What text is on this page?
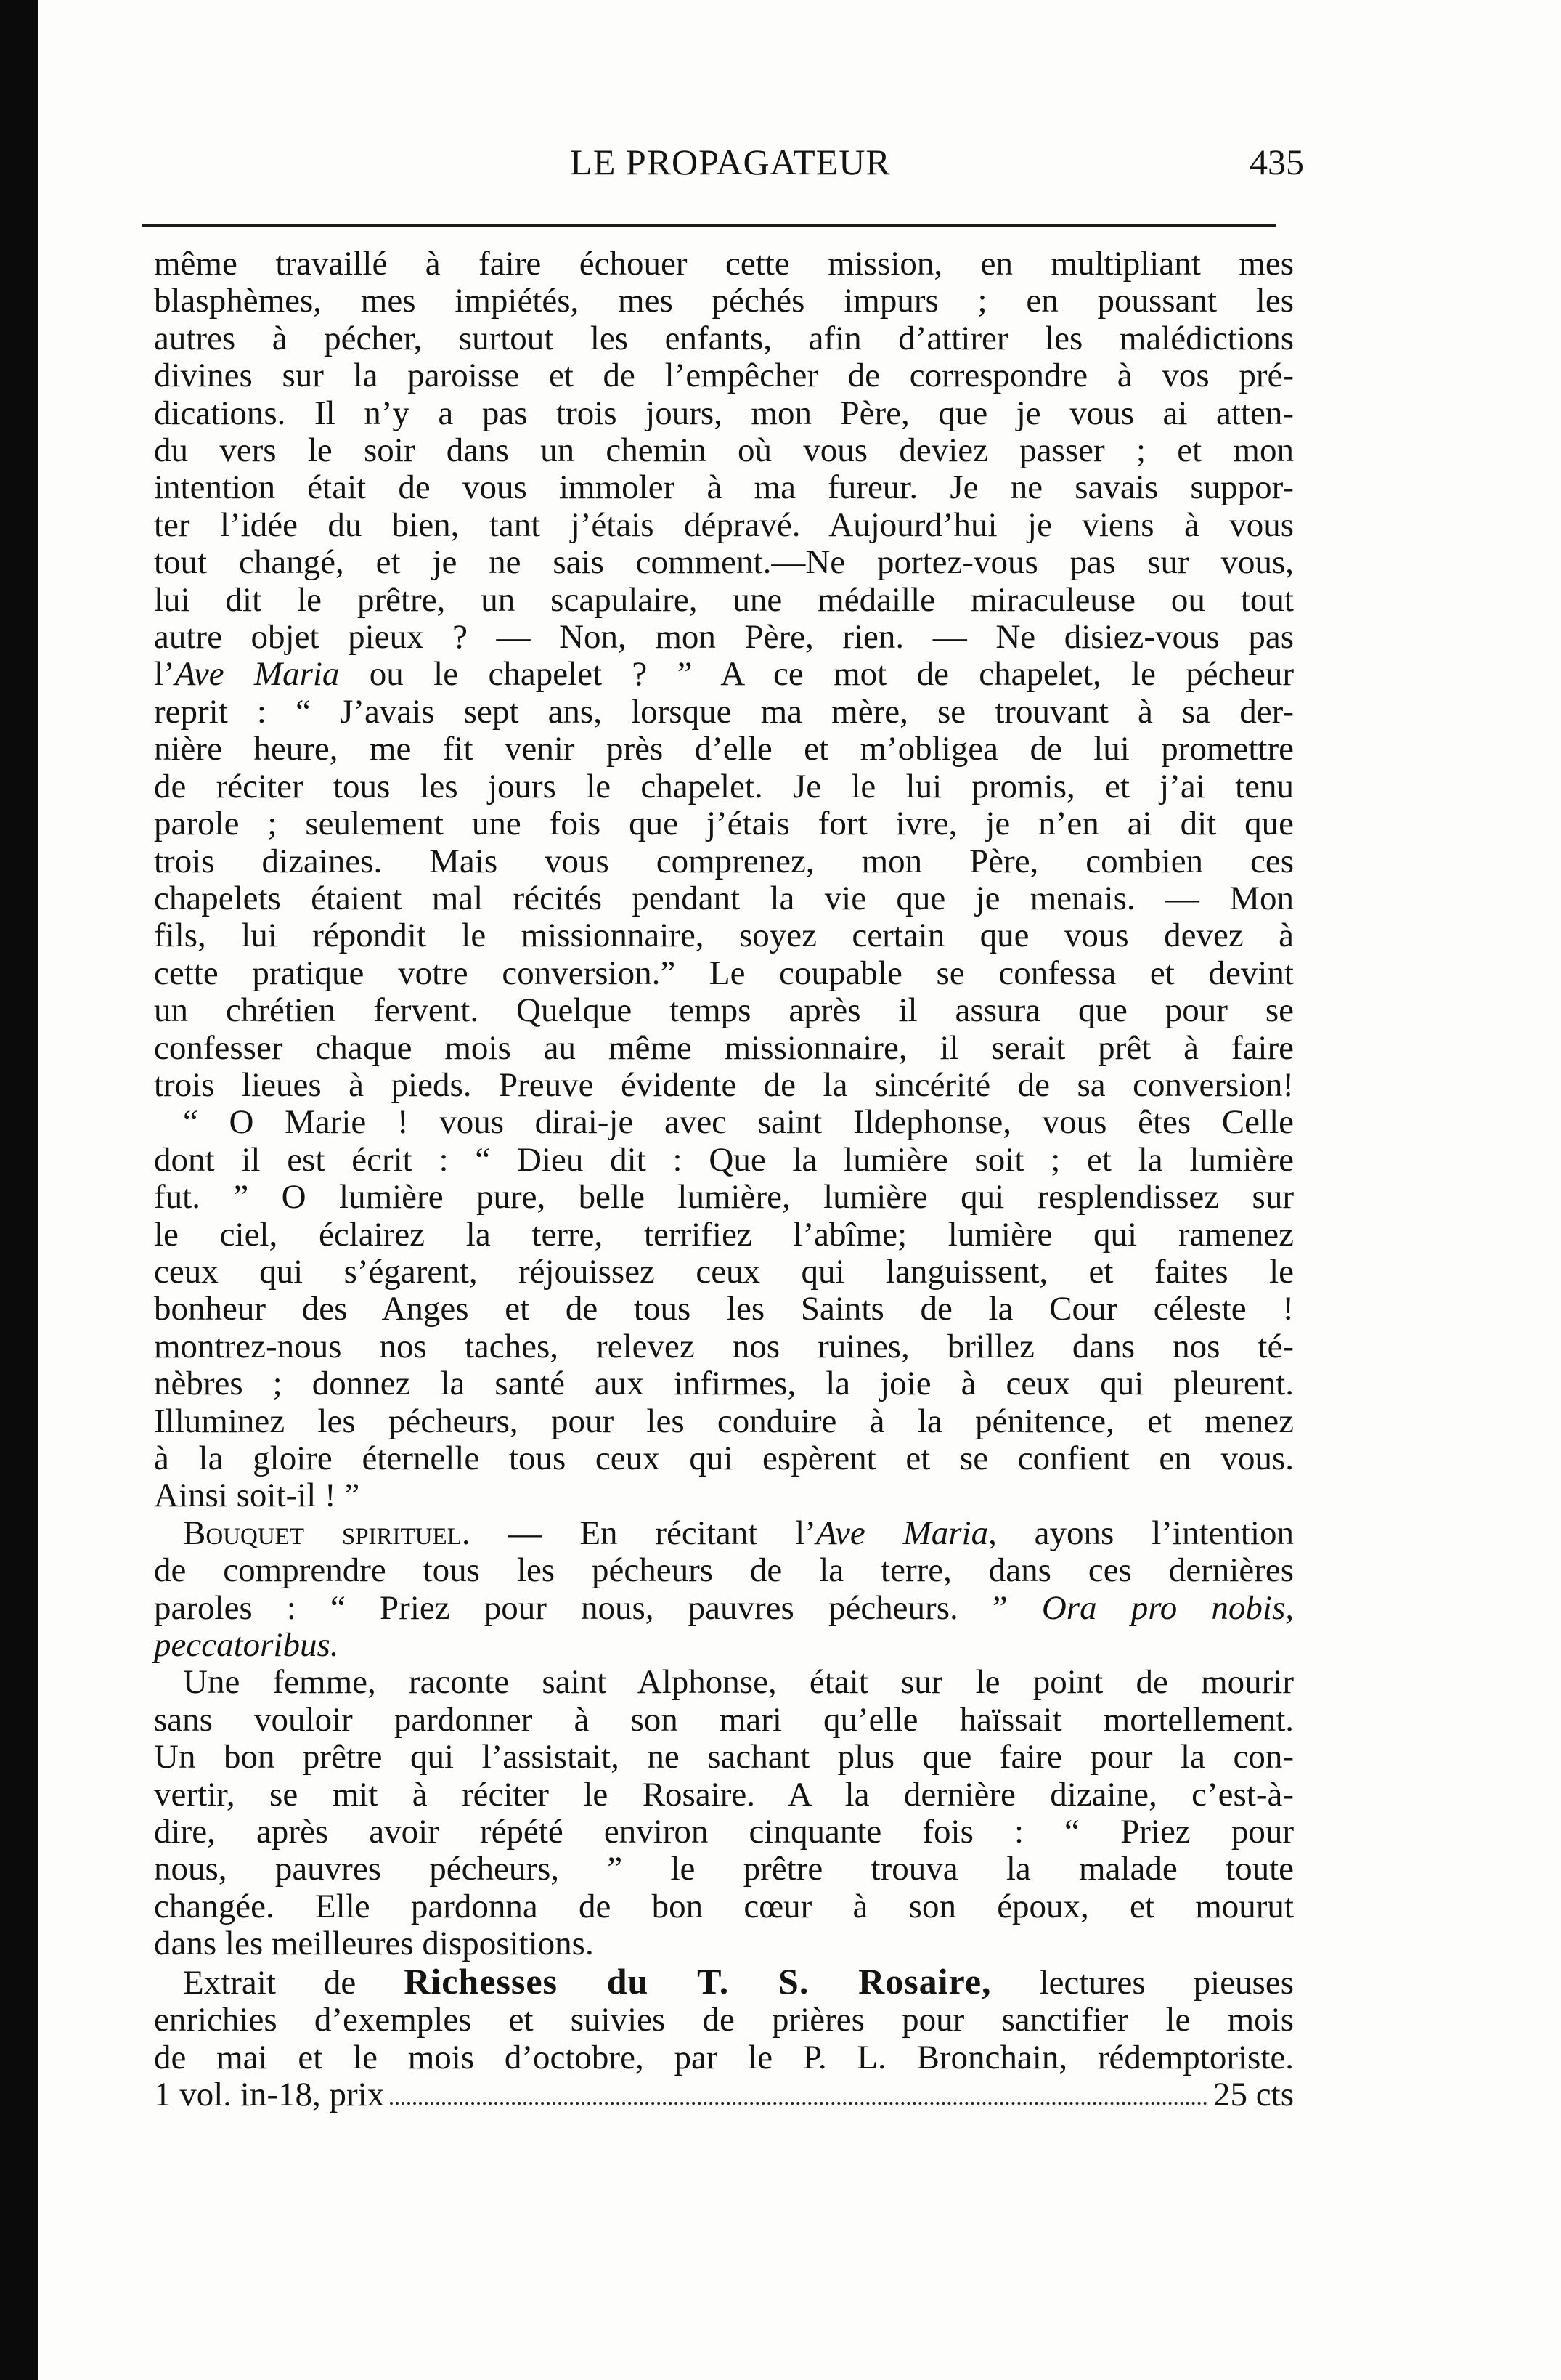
LE PROPAGATEUR	435
même travaillé à faire échouer cette mission, en multipliant mes
blasphèmes, mes impiétés, mes péchés impurs ; en poussant les
autres à pécher, surtout les enfants, afin d’attirer les malédictions
divines sur la paroisse et de l’empêcher de correspondre à vos pré-
dications. Il n’y a pas trois jours, mon Père, que je vous ai atten-
du vers le soir dans un chemin où vous deviez passer ; et mon
intention était de vous immoler à ma fureur. Je ne savais suppor-
ter l’idée du bien, tant j’étais dépravé. Aujourd’hui je viens à vous
tout changé, et je ne sais comment.—Ne portez-vous pas sur vous,
lui dit le prêtre, un scapulaire, une médaille miraculeuse ou tout
autre objet pieux ? — Non, mon Père, rien. — Ne disiez-vous pas
l’Ave Maria ou le chapelet ? ” A ce mot de chapelet, le pécheur
reprit : “ J’avais sept ans, lorsque ma mère, se trouvant à sa der-
nière heure, me fit venir près d’elle et m’obligea de lui promettre
de réciter tous les jours le chapelet. Je le lui promis, et j’ai tenu
parole ; seulement une fois que j’étais fort ivre, je n’en ai dit que
trois dizaines. Mais vous comprenez, mon Père, combien ces
chapelets étaient mal récités pendant la vie que je menais. — Mon
fils, lui répondit le missionnaire, soyez certain que vous devez à
cette pratique votre conversion.” Le coupable se confessa et devint
un chrétien fervent. Quelque temps après il assura que pour se
confesser chaque mois au même missionnaire, il serait prêt à faire
trois lieues à pieds. Preuve évidente de la sincérité de sa conversion!
“ O Marie ! vous dirai-je avec saint Ildephonse, vous êtes Celle
dont il est écrit : “ Dieu dit : Que la lumière soit ; et la lumière
fut. ” O lumière pure, belle lumière, lumière qui resplendissez sur
le ciel, éclairez la terre, terrifiez l’abîme; lumière qui ramenez
ceux qui s’égarent, réjouissez ceux qui languissent, et faites le
bonheur des Anges et de tous les Saints de la Cour céleste !
montrez-nous nos taches, relevez nos ruines, brillez dans nos té-
nèbres ; donnez la santé aux infirmes, la joie à ceux qui pleurent.
Illuminez les pécheurs, pour les conduire à la pénitence, et menez
à la gloire éternelle tous ceux qui espèrent et se confient en vous.
Ainsi soit-il ! ”
Bouquet spirituel. — En récitant l’Ave Maria, ayons l’intention
de comprendre tous les pécheurs de la terre, dans ces dernières
paroles : “ Priez pour nous, pauvres pécheurs. ” Ora pro nobis,
peccatoribus.
Une femme, raconte saint Alphonse, était sur le point de mourir
sans vouloir pardonner à son mari qu’elle haïssait mortellement.
Un bon prêtre qui l’assistait, ne sachant plus que faire pour la con-
vertir, se mit à réciter le Rosaire. A la dernière dizaine, c’est-à-
dire, après avoir répété environ cinquante fois : “ Priez pour
nous, pauvres pécheurs, ” le prêtre trouva la malade toute
changée. Elle pardonna de bon cœur à son époux, et mourut
dans les meilleures dispositions.
Extrait de Richesses du T. S. Rosaire, lectures pieuses
enrichies d’exemples et suivies de prières pour sanctifier le mois
de mai et le mois d’octobre, par le P. L. Bronchain, rédemptoriste.
1 vol. in-18, prix	25 cts
